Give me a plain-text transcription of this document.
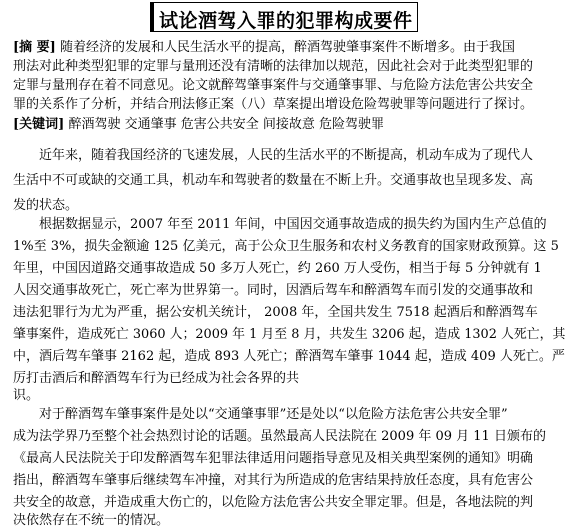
试论酒驾入罪的犯罪构成要件
[摘 要] 随着经济的发展和人民生活水平的提高，醉酒驾驶肇事案件不断增多。由于我国
刑法对此种类型犯罪的定罪与量刑还没有清晰的法律加以规范，因此社会对于此类型犯罪的
定罪与量刑存在着不同意见。论文就醉驾肇事案件与交通肇事罪、与危险方法危害公共安全
罪的关系作了分析，并结合刑法修正案（八）草案提出增设危险驾驶罪等问题进行了探讨。
[关键词] 醉酒驾驶 交通肇事 危害公共安全 间接故意 危险驾驶罪
近年来，随着我国经济的飞速发展，人民的生活水平的不断提高，机动车成为了现代人
生活中不可或缺的交通工具，机动车和驾驶者的数量在不断上升。交通事故也呈现多发、高
发的状态。
根据数据显示，2007 年至 2011 年间，中国因交通事故造成的损失约为国内生产总值的
1%至 3%，损失金额逾 125 亿美元，高于公众卫生服务和农村义务教育的国家财政预算。这 5
年里，中国因道路交通事故造成 50 多万人死亡，约 260 万人受伤，相当于每 5 分钟就有 1
人因交通事故死亡，死亡率为世界第一。同时，因酒后驾车和醉酒驾车而引发的交通事故和
违法犯罪行为尤为严重，据公安机关统计， 2008 年，全国共发生 7518 起酒后和醉酒驾车
肇事案件，造成死亡 3060 人；2009 年 1 月至 8 月，共发生 3206 起，造成 1302 人死亡，其
中，酒后驾车肇事 2162 起，造成 893 人死亡；醉酒驾车肇事 1044 起，造成 409 人死亡。严
厉打击酒后和醉酒驾车行为已经成为社会各界的共
识。
对于醉酒驾车肇事案件是处以“交通肇事罪”还是处以“以危险方法危害公共安全罪”
成为法学界乃至整个社会热烈讨论的话题。虽然最高人民法院在 2009 年 09 月 11 日颁布的
《最高人民法院关于印发醉酒驾车犯罪法律适用问题指导意见及相关典型案例的通知》明确
指出，醉酒驾车肇事后继续驾车冲撞，对其行为所造成的危害结果持放任态度，具有危害公
共安全的故意，并造成重大伤亡的，以危险方法危害公共安全罪定罪。但是，各地法院的判
决依然存在不统一的情况。
